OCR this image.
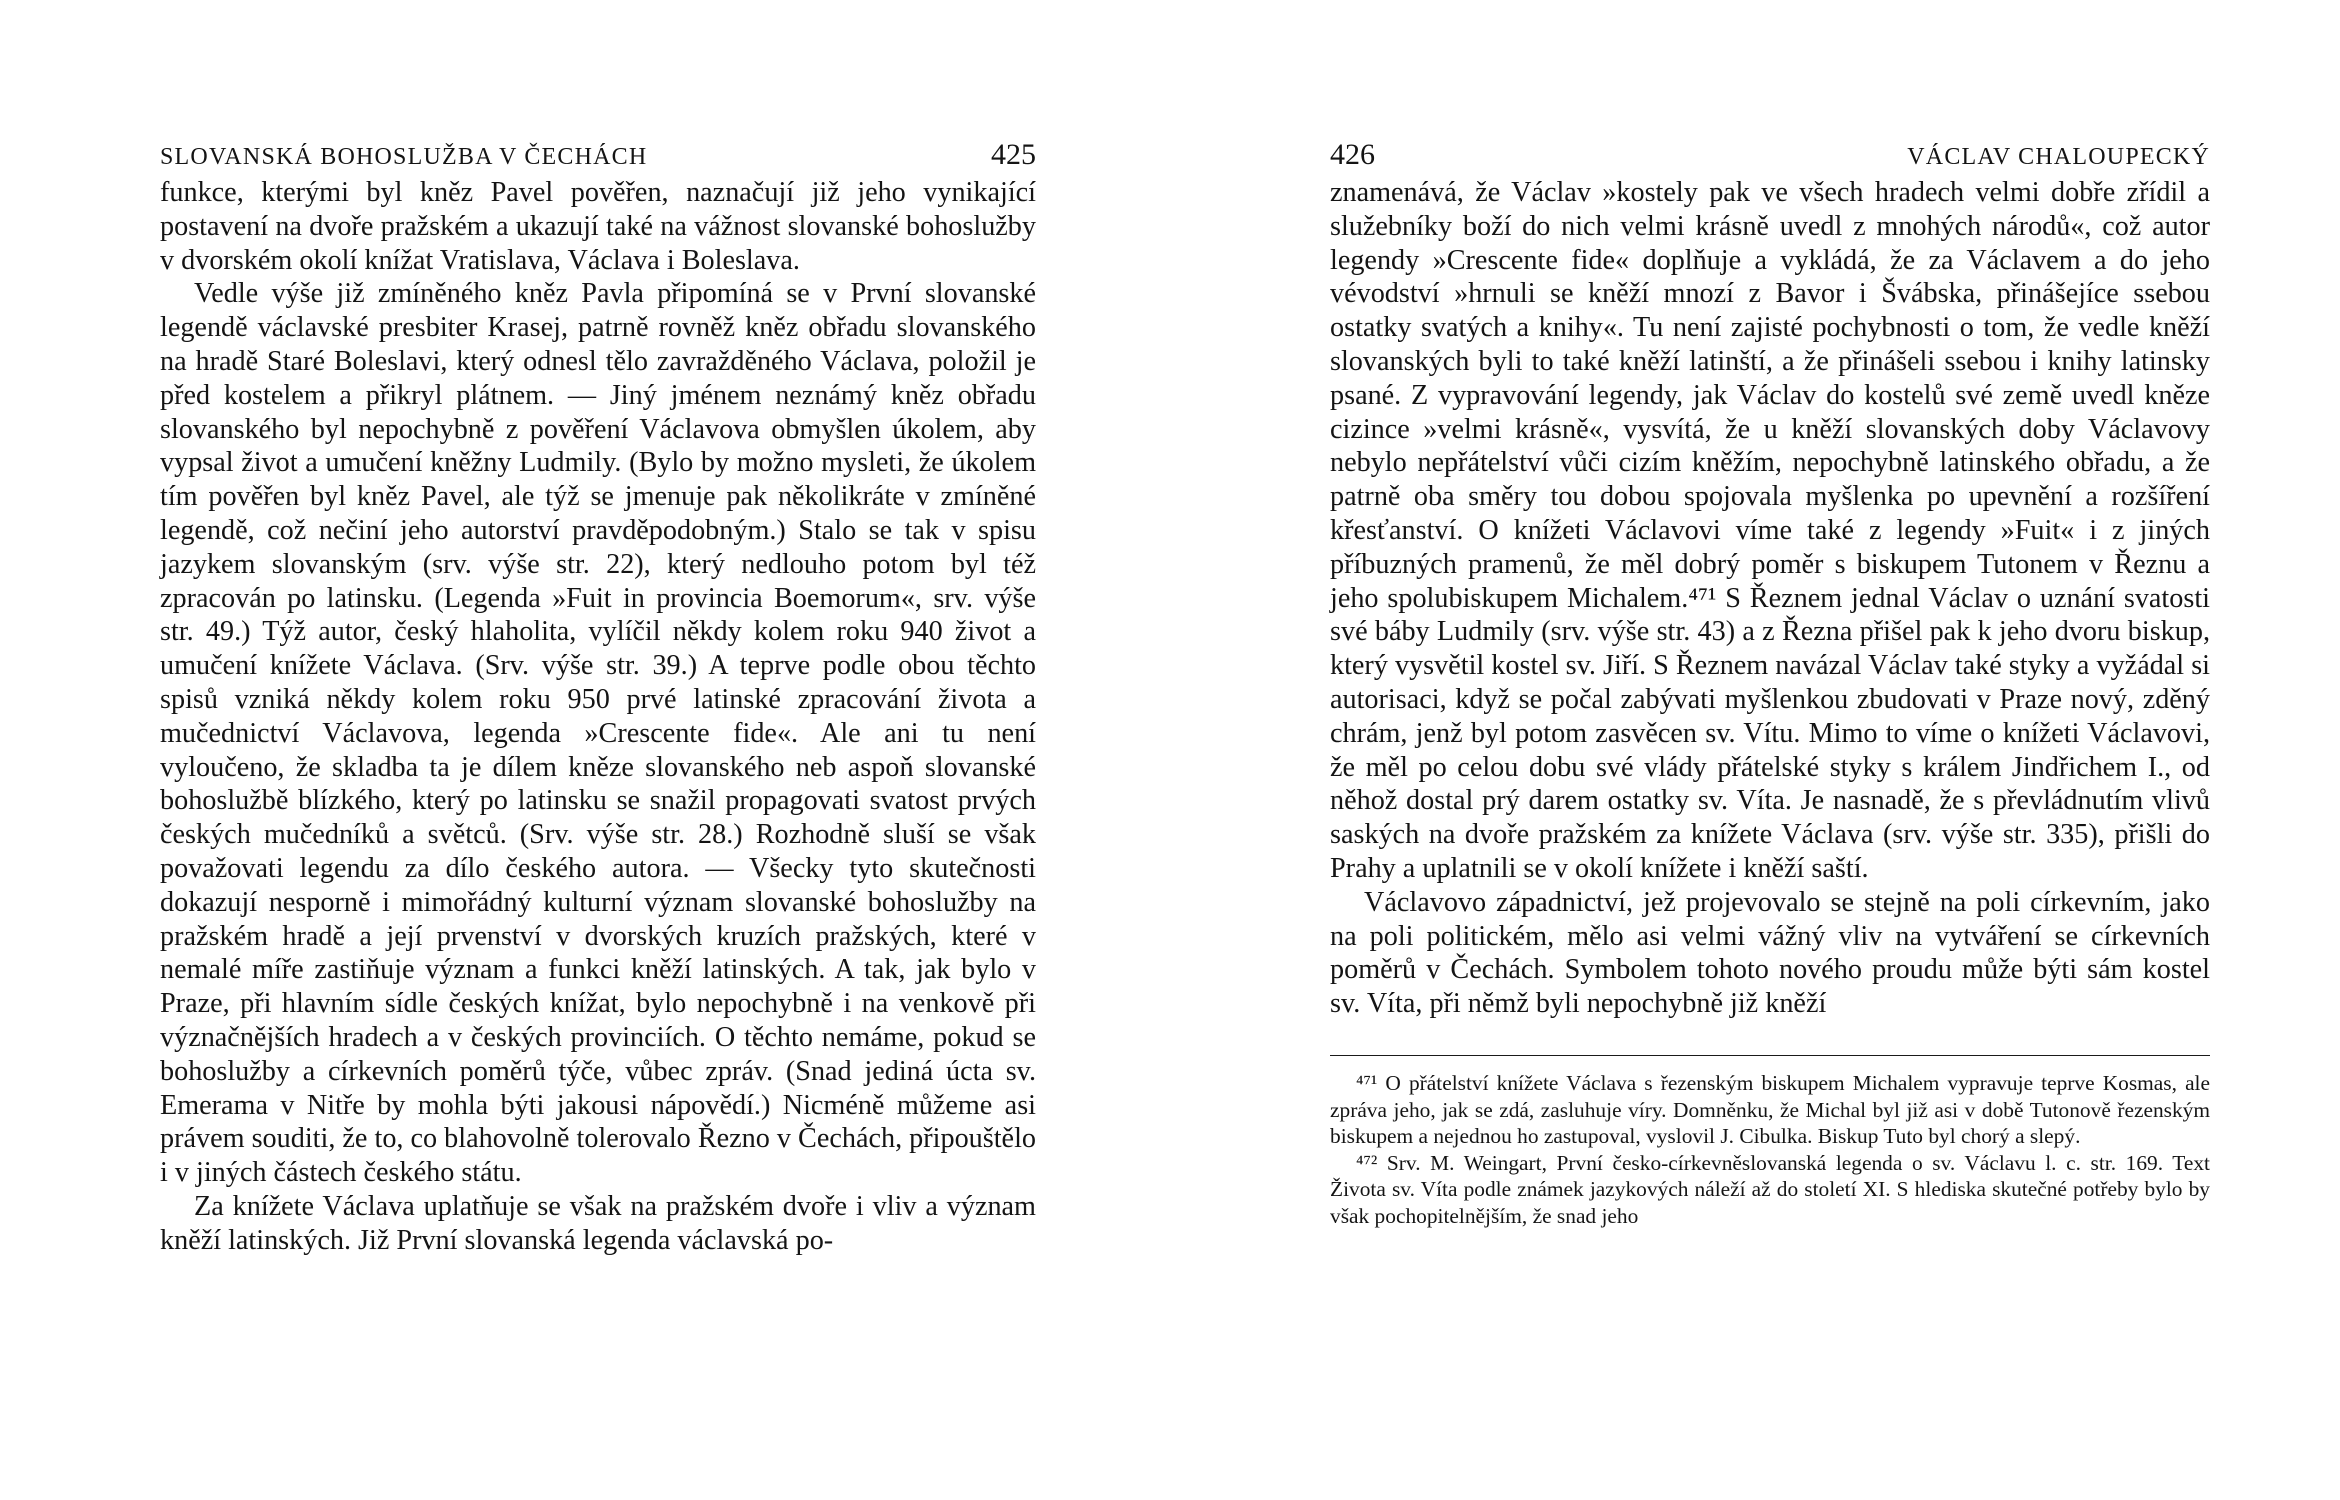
SLOVANSKÁ BOHOSLUŽBA V ČECHÁCH	425

funkce, kterými byl kněz Pavel pověřen, naznačují již jeho vynikající postavení na dvoře pražském a ukazují také na vážnost slovanské bohoslužby v dvorském okolí knížat Vratislava, Václava i Boleslava.

Vedle výše již zmíněného kněz Pavla připomíná se v První slovanské legendě václavské presbiter Krasej, patrně rovněž kněz obřadu slovanského na hradě Staré Boleslavi, který odnesl tělo zavražděného Václava, položil je před kostelem a přikryl plátnem. — Jiný jménem neznámý kněz obřadu slovanského byl nepochybně z pověření Václavova obmyšlen úkolem, aby vypsal život a umučení kněžny Ludmily. (Bylo by možno mysleti, že úkolem tím pověřen byl kněz Pavel, ale týž se jmenuje pak několikráte v zmíněné legendě, což nečiní jeho autorství pravděpodobným.) Stalo se tak v spisu jazykem slovanským (srv. výše str. 22), který nedlouho potom byl též zpracován po latinsku. (Legenda »Fuit in provincia Boemorum«, srv. výše str. 49.) Týž autor, český hlaholita, vylíčil někdy kolem roku 940 život a umučení knížete Václava. (Srv. výše str. 39.) A teprve podle obou těchto spisů vzniká někdy kolem roku 950 prvé latinské zpracování života a mučednictví Václavova, legenda »Crescente fide«. Ale ani tu není vyloučeno, že skladba ta je dílem kněze slovanského neb aspoň slovanské bohoslužbě blízkého, který po latinsku se snažil propagovati svatost prvých českých mučedníků a světců. (Srv. výše str. 28.) Rozhodně sluší se však považovati legendu za dílo českého autora. — Všecky tyto skutečnosti dokazují nesporně i mimořádný kulturní význam slovanské bohoslužby na pražském hradě a její prvenství v dvorských kruzích pražských, které v nemalé míře zastiňuje význam a funkci kněží latinských. A tak, jak bylo v Praze, při hlavním sídle českých knížat, bylo nepochybně i na venkově při význačnějších hradech a v českých provinciích. O těchto nemáme, pokud se bohoslužby a církevních poměrů týče, vůbec zpráv. (Snad jediná úcta sv. Emerama v Nitře by mohla býti jakousi nápovědí.) Nicméně můžeme asi právem souditi, že to, co blahovolně tolerovalo Řezno v Čechách, připouštělo i v jiných částech českého státu.

Za knížete Václava uplatňuje se však na pražském dvoře i vliv a význam kněží latinských. Již První slovanská legenda václavská po-

426	VÁCLAV CHALOUPECKÝ

znamenává, že Václav »kostely pak ve všech hradech velmi dobře zřídil a služebníky boží do nich velmi krásně uvedl z mnohých národů«, což autor legendy »Crescente fide« doplňuje a vykládá, že za Václavem a do jeho vévodství »hrnuli se kněží mnozí z Bavor i Švábska, přinášejíce ssebou ostatky svatých a knihy«. Tu není zajisté pochybnosti o tom, že vedle kněží slovanských byli to také kněží latinští, a že přinášeli ssebou i knihy latinsky psané. Z vypravování legendy, jak Václav do kostelů své země uvedl kněze cizince »velmi krásně«, vysvítá, že u kněží slovanských doby Václavovy nebylo nepřátelství vůči cizím kněžím, nepochybně latinského obřadu, a že patrně oba směry tou dobou spojovala myšlenka po upevnění a rozšíření křesťanství. O knížeti Václavovi víme také z legendy »Fuit« i z jiných příbuzných pramenů, že měl dobrý poměr s biskupem Tutonem v Řeznu a jeho spolubiskupem Michalem.⁴⁷¹ S Řeznem jednal Václav o uznání svatosti své báby Ludmily (srv. výše str. 43) a z Řezna přišel pak k jeho dvoru biskup, který vysvětil kostel sv. Jiří. S Řeznem navázal Václav také styky a vyžádal si autorisaci, když se počal zabývati myšlenkou zbudovati v Praze nový, zděný chrám, jenž byl potom zasvěcen sv. Vítu. Mimo to víme o knížeti Václavovi, že měl po celou dobu své vlády přátelské styky s králem Jindřichem I., od něhož dostal prý darem ostatky sv. Víta. Je nasnadě, že s převládnutím vlivů saských na dvoře pražském za knížete Václava (srv. výše str. 335), přišli do Prahy a uplatnili se v okolí knížete i kněží saští.

Václavovo západnictví, jež projevovalo se stejně na poli církevním, jako na poli politickém, mělo asi velmi vážný vliv na vytváření se církevních poměrů v Čechách. Symbolem tohoto nového proudu může býti sám kostel sv. Víta, při němž byli nepochybně již kněží

⁴⁷¹ O přátelství knížete Václava s řezenským biskupem Michalem vypravuje teprve Kosmas, ale zpráva jeho, jak se zdá, zasluhuje víry. Domněnku, že Michal byl již asi v době Tutonově řezenským biskupem a nejednou ho zastupoval, vyslovil J. Cibulka. Biskup Tuto byl chorý a slepý.

⁴⁷² Srv. M. Weingart, První česko-církevněslovanská legenda o sv. Václavu l. c. str. 169. Text Života sv. Víta podle známek jazykových náleží až do století XI. S hlediska skutečné potřeby bylo by však pochopitelnějším, že snad jeho
